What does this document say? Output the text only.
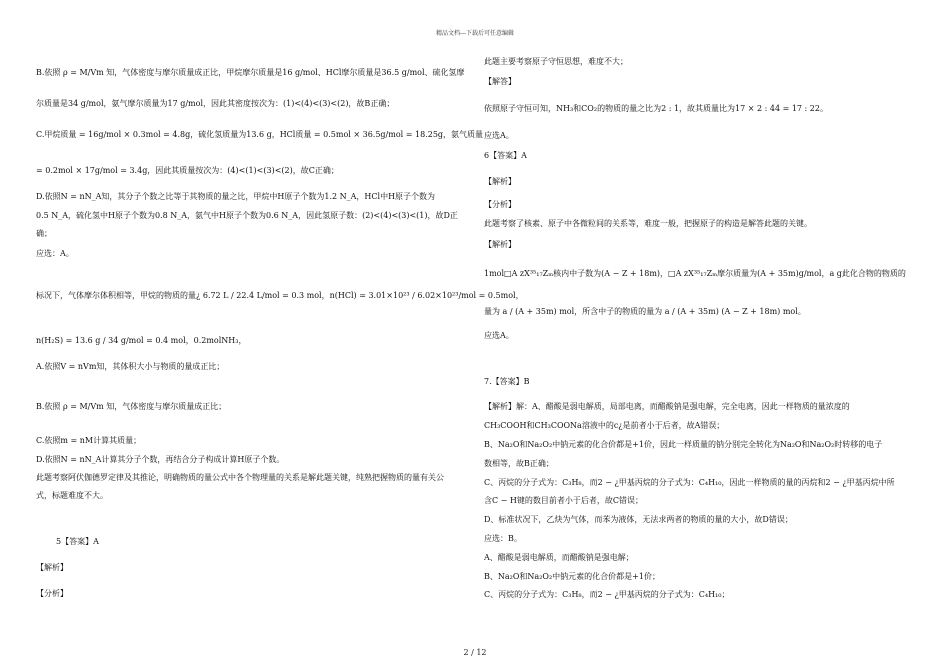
精品文档---下载后可任意编辑
B.依照 ρ = M/Vm 知，气体密度与摩尔质量成正比，甲烷摩尔质量是16 g/mol、HCl摩尔质量是36.5 g/mol、硫化氢摩
尔质量是34 g/mol，氨气摩尔质量为17 g/mol，因此其密度按次为：(1)<(4)<(3)<(2)，故B正确；
C.甲烷质量 = 16g/mol × 0.3mol = 4.8g，硫化氢质量为13.6 g，HCl质量 = 0.5mol × 36.5g/mol = 18.25g，氨气质量
= 0.2mol × 17g/mol = 3.4g，因此其质量按次为：(4)<(1)<(3)<(2)，故C正确；
D.依照N = nN_A知，其分子个数之比等于其物质的量之比，甲烷中H原子个数为1.2 N_A，HCl中H原子个数为
0.5 N_A，硫化氢中H原子个数为0.8 N_A，氨气中H原子个数为0.6 N_A，因此氢原子数：(2)<(4)<(3)<(1)，故D正
确；
应选：A。
标况下，气体摩尔体积相等，甲烷的物质的量¿ 6.72 L / 22.4 L/mol = 0.3 mol，n(HCl) = 3.01×10²³ / 6.02×10²³/mol = 0.5mol，
n(H₂S) = 13.6 g / 34 g/mol = 0.4 mol，0.2molNH₃，
A.依照V = nVm知，其体积大小与物质的量成正比；
B.依照 ρ = M/Vm 知，气体密度与摩尔质量成正比；
C.依照m = nM计算其质量；
D.依照N = nN_A计算其分子个数，再结合分子构成计算H原子个数。
此题考察阿伏伽德罗定律及其推论，明确物质的量公式中各个物理量的关系是解此题关键，纯熟把握物质的量有关公
式，标题难度不大。
5【答案】A
【解析】
【分析】
此题主要考察原子守恒思想，难度不大；
【解答】
依照原子守恒可知，NH₃和CO₂的物质的量之比为2 : 1，故其质量比为17 × 2 : 44 = 17 : 22。
应选A。
6【答案】A
【解析】
【分析】
此题考察了核素、原子中各微粒间的关系等，难度一般，把握原子的构造是解答此题的关键。
【解析】
1mol□A zX³⁵₁₇Zₘ核内中子数为(A − Z + 18m)，□A zX³⁵₁₇Zₘ摩尔质量为(A + 35m)g/mol，a g此化合物的物质的
量为 a / (A + 35m) mol，所含中子的物质的量为 a / (A + 35m) (A − Z + 18m) mol。
应选A。
7.【答案】B
【解析】解：A、醋酸是弱电解质，局部电离，而醋酸钠是强电解，完全电离，因此一样物质的量浓度的
CH₃COOH和CH₃COONa溶液中的c¿是前者小于后者，故A错误；
B、Na₂O和Na₂O₂中钠元素的化合价都是+1价，因此一样质量的钠分别完全转化为Na₂O和Na₂O₂时转移的电子
数相等，故B正确；
C、丙烷的分子式为：C₃H₈，而2 − ¿甲基丙烷的分子式为：C₄H₁₀，因此一样物质的量的丙烷和2 − ¿甲基丙烷中所
含C − H键的数目前者小于后者，故C错误；
D、标准状况下，乙炔为气体，而苯为液体，无法求两者的物质的量的大小，故D错误；
应选：B。
A、醋酸是弱电解质，而醋酸钠是强电解；
B、Na₂O和Na₂O₂中钠元素的化合价都是+1价；
C、丙烷的分子式为：C₃H₈，而2 − ¿甲基丙烷的分子式为：C₄H₁₀；
2 / 12
